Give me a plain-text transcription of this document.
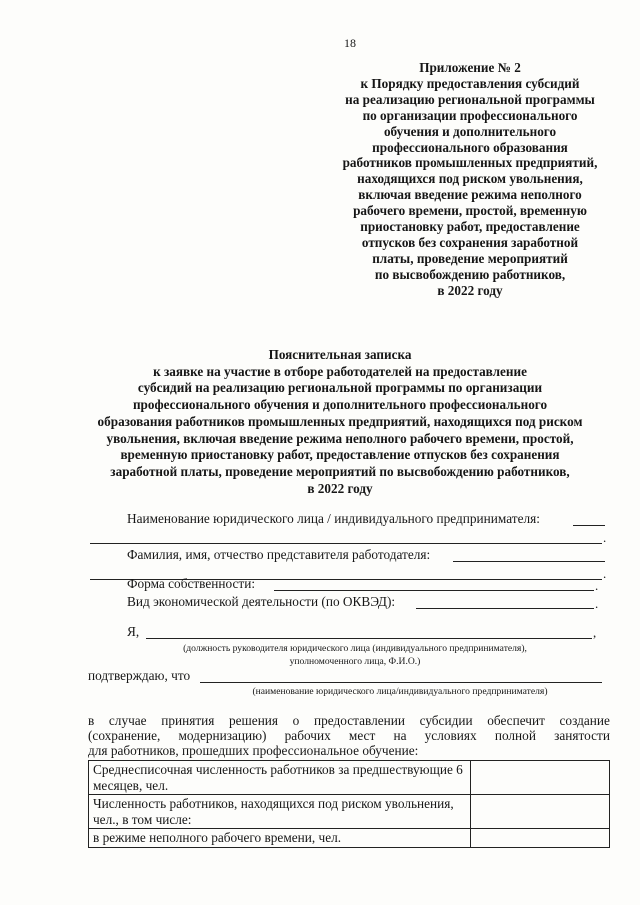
18
Приложение № 2
к Порядку предоставления субсидий
на реализацию региональной программы
по организации профессионального
обучения и дополнительного
профессионального образования
работников промышленных предприятий,
находящихся под риском увольнения,
включая введение режима неполного
рабочего времени, простой, временную
приостановку работ, предоставление
отпусков без сохранения заработной
платы, проведение мероприятий
по высвобождению работников,
в 2022 году
Пояснительная записка
к заявке на участие в отборе работодателей на предоставление
субсидий на реализацию региональной программы по организации
профессионального обучения и дополнительного профессионального
образования работников промышленных предприятий, находящихся под риском
увольнения, включая введение режима неполного рабочего времени, простой,
временную приостановку работ, предоставление отпусков без сохранения
заработной платы, проведение мероприятий по высвобождению работников,
в 2022 году
Наименование юридического лица / индивидуального предпринимателя:
.
Фамилия, имя, отчество представителя работодателя:
.
Форма собственности:	.
Вид экономической деятельности (по ОКВЭД):	.
Я,	,
(должность руководителя юридического лица (индивидуального предпринимателя),
уполномоченного лица, Ф.И.О.)
подтверждаю, что
(наименование юридического лица/индивидуального предпринимателя)
в случае принятия решения о предоставлении субсидии обеспечит создание
(сохранение, модернизацию) рабочих мест на условиях полной занятости
для работников, прошедших профессиональное обучение:
Среднесписочная численность работников за предшествующие 6 месяцев, чел.	
Численность работников, находящихся под риском увольнения, чел., в том числе:	
в режиме неполного рабочего времени, чел.	
